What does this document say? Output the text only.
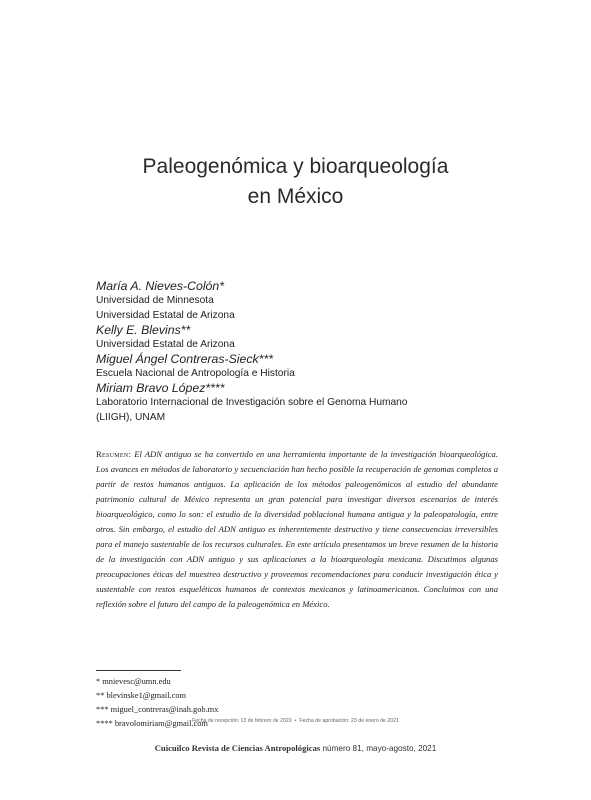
Paleogenómica y bioarqueología
en México
María A. Nieves-Colón*
Universidad de Minnesota
Universidad Estatal de Arizona
Kelly E. Blevins**
Universidad Estatal de Arizona
Miguel Ángel Contreras-Sieck***
Escuela Nacional de Antropología e Historia
Miriam Bravo López****
Laboratorio Internacional de Investigación sobre el Genoma Humano
(LIIGH), UNAM

Resumen: El ADN antiguo se ha convertido en una herramienta importante de la investigación bioarqueológica. Los avances en métodos de laboratorio y secuenciación han hecho posible la recuperación de genomas completos a partir de restos humanos antiguos. La aplicación de los métodos paleogenómicos al estudio del abundante patrimonio cultural de México representa un gran potencial para investigar diversos escenarios de interés bioarqueológico, como lo son: el estudio de la diversidad poblacional humana antigua y la paleopatología, entre otros. Sin embargo, el estudio del ADN antiguo es inherentemente destructivo y tiene consecuencias irreversibles para el manejo sustentable de los recursos culturales. En este artículo presentamos un breve resumen de la historia de la investigación con ADN antiguo y sus aplicaciones a la bioarqueología mexicana. Discutimos algunas preocupaciones éticas del muestreo destructivo y proveemos recomendaciones para conducir investigación ética y sustentable con restos esqueléticos humanos de contextos mexicanos y latinoamericanos. Concluimos con una reflexión sobre el futuro del campo de la paleogenómica en México.

* mnievesc@umn.edu
** blevinske1@gmail.com
*** miguel_contreras@inah.gob.mx
**** bravolomiriam@gmail.com
Fecha de recepción: 13 de febrero de 2020 • Fecha de aprobación: 23 de enero de 2021
Cuicuilco Revista de Ciencias Antropológicas número 81, mayo-agosto, 2021
